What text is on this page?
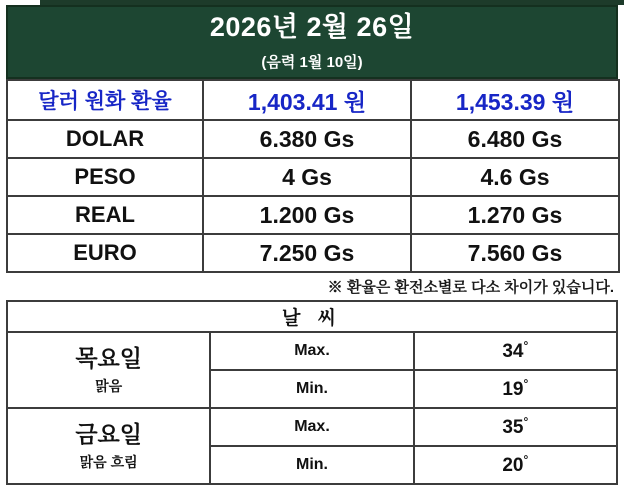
2026년 2월 26일
(음력 1월 10일)
달러 원화 환율	1,403.41 원	1,453.39 원
DOLAR	6.380 Gs	6.480 Gs
PESO	4 Gs	4.6 Gs
REAL	1.200 Gs	1.270 Gs
EURO	7.250 Gs	7.560 Gs
※ 환율은 환전소별로 다소 차이가 있습니다.
날 씨		

목요일
맑음	Max.	34°
	Min.	19°

금요일
맑음 흐림	Max.	35°
	Min.	20°
